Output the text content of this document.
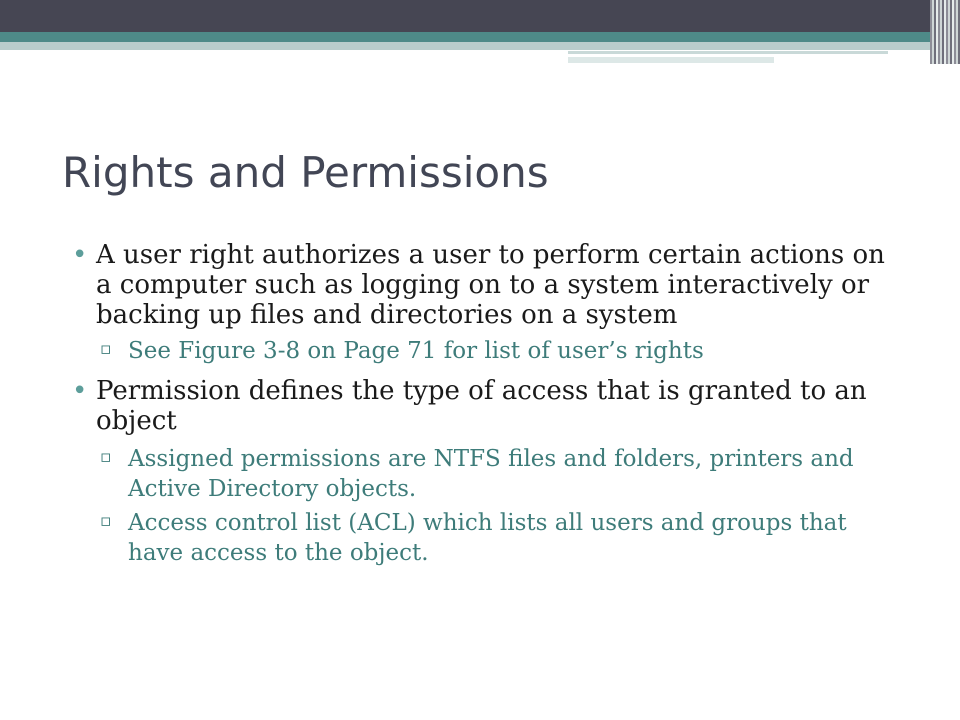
Rights and Permissions

• A user right authorizes a user to perform certain actions on a computer such as logging on to a system interactively or backing up files and directories on a system

▫ See Figure 3-8 on Page 71 for list of user’s rights

• Permission defines the type of access that is granted to an object

▫ Assigned permissions are NTFS files and folders, printers and Active Directory objects.

▫ Access control list (ACL) which lists all users and groups that have access to the object.
